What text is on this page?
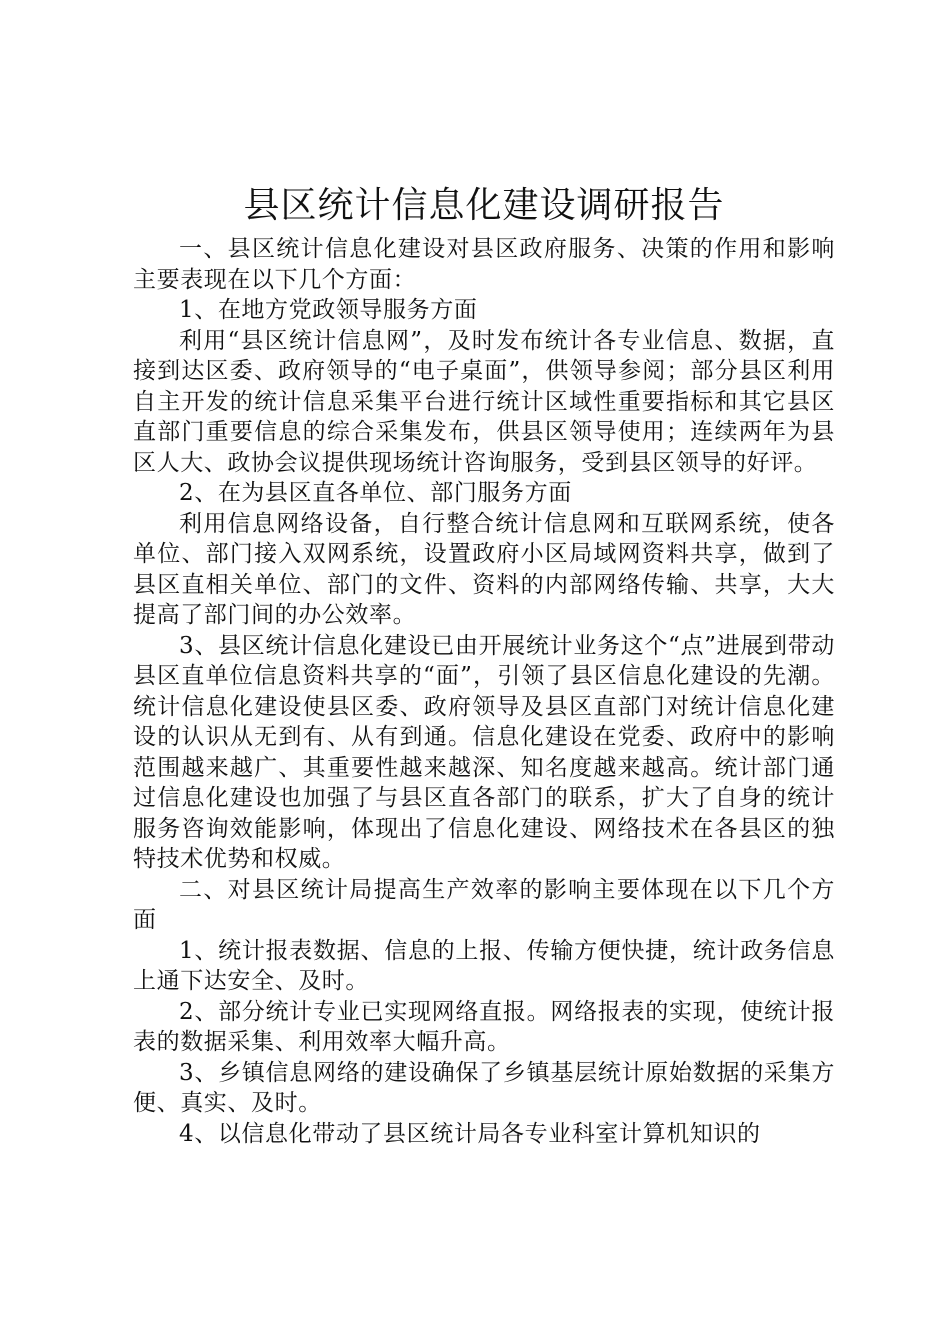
县区统计信息化建设调研报告

一、县区统计信息化建设对县区政府服务、决策的作用和影响主要表现在以下几个方面：

1、在地方党政领导服务方面

利用“县区统计信息网”，及时发布统计各专业信息、数据，直接到达区委、政府领导的“电子桌面”，供领导参阅；部分县区利用自主开发的统计信息采集平台进行统计区域性重要指标和其它县区直部门重要信息的综合采集发布，供县区领导使用；连续两年为县区人大、政协会议提供现场统计咨询服务，受到县区领导的好评。

2、在为县区直各单位、部门服务方面

利用信息网络设备，自行整合统计信息网和互联网系统，使各单位、部门接入双网系统，设置政府小区局域网资料共享，做到了县区直相关单位、部门的文件、资料的内部网络传输、共享，大大提高了部门间的办公效率。

3、县区统计信息化建设已由开展统计业务这个“点”进展到带动县区直单位信息资料共享的“面”，引领了县区信息化建设的先潮。统计信息化建设使县区委、政府领导及县区直部门对统计信息化建设的认识从无到有、从有到通。信息化建设在党委、政府中的影响范围越来越广、其重要性越来越深、知名度越来越高。统计部门通过信息化建设也加强了与县区直各部门的联系，扩大了自身的统计服务咨询效能影响，体现出了信息化建设、网络技术在各县区的独特技术优势和权威。

二、对县区统计局提高生产效率的影响主要体现在以下几个方面

1、统计报表数据、信息的上报、传输方便快捷，统计政务信息上通下达安全、及时。

2、部分统计专业已实现网络直报。网络报表的实现，使统计报表的数据采集、利用效率大幅升高。

3、乡镇信息网络的建设确保了乡镇基层统计原始数据的采集方便、真实、及时。

4、以信息化带动了县区统计局各专业科室计算机知识的
